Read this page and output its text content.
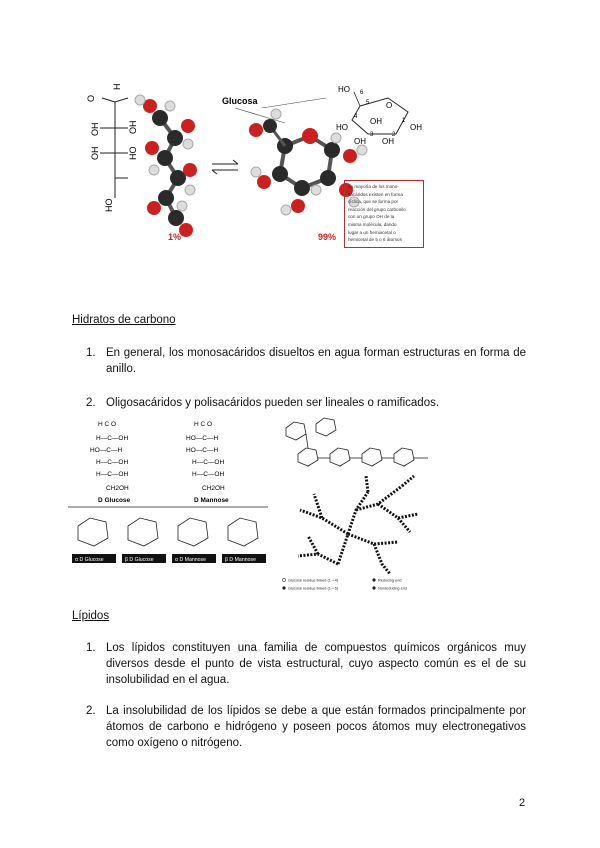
H
O
OH
OH
HO
OH
HO
1%
Glucosa
99%
HO 6
O
OH
OH
HO
OH
OH
4
5
1
3	2
La mayoría de los mono-
sacáridos existen en forma
cíclica, que se forma por
reacción del grupo carbonilo
con un grupo OH de la
misma molécula, dando
lugar a un hemiacetal o
hemicetal de 5 o 6 átomos
Hidratos de carbono
1. En general, los monosacáridos disueltos en agua forman estructuras en forma de anillo.
2. Oligosacáridos y polisacáridos pueden ser lineales o ramificados.
H C O
H—C—OH
HO—C—H
H—C—OH
H—C—OH
CH2OH
D Glucose
H C O
HO—C—H
HO—C—H
H—C—OH
H—C—OH
CH2OH
D Mannose
α D Glucose	β D Glucose	α D Mannose	β D Mannose
Glucose residue linked (1→4)	Reducing end
Glucose residue linked (1→6)	Nonreducing end
Lípidos
1. Los lípidos constituyen una familia de compuestos químicos orgánicos muy diversos desde el punto de vista estructural, cuyo aspecto común es el de su insolubilidad en el agua.
2. La insolubilidad de los lípidos se debe a que están formados principalmente por átomos de carbono e hidrógeno y poseen pocos átomos muy electronegativos como oxígeno o nitrógeno.
2
